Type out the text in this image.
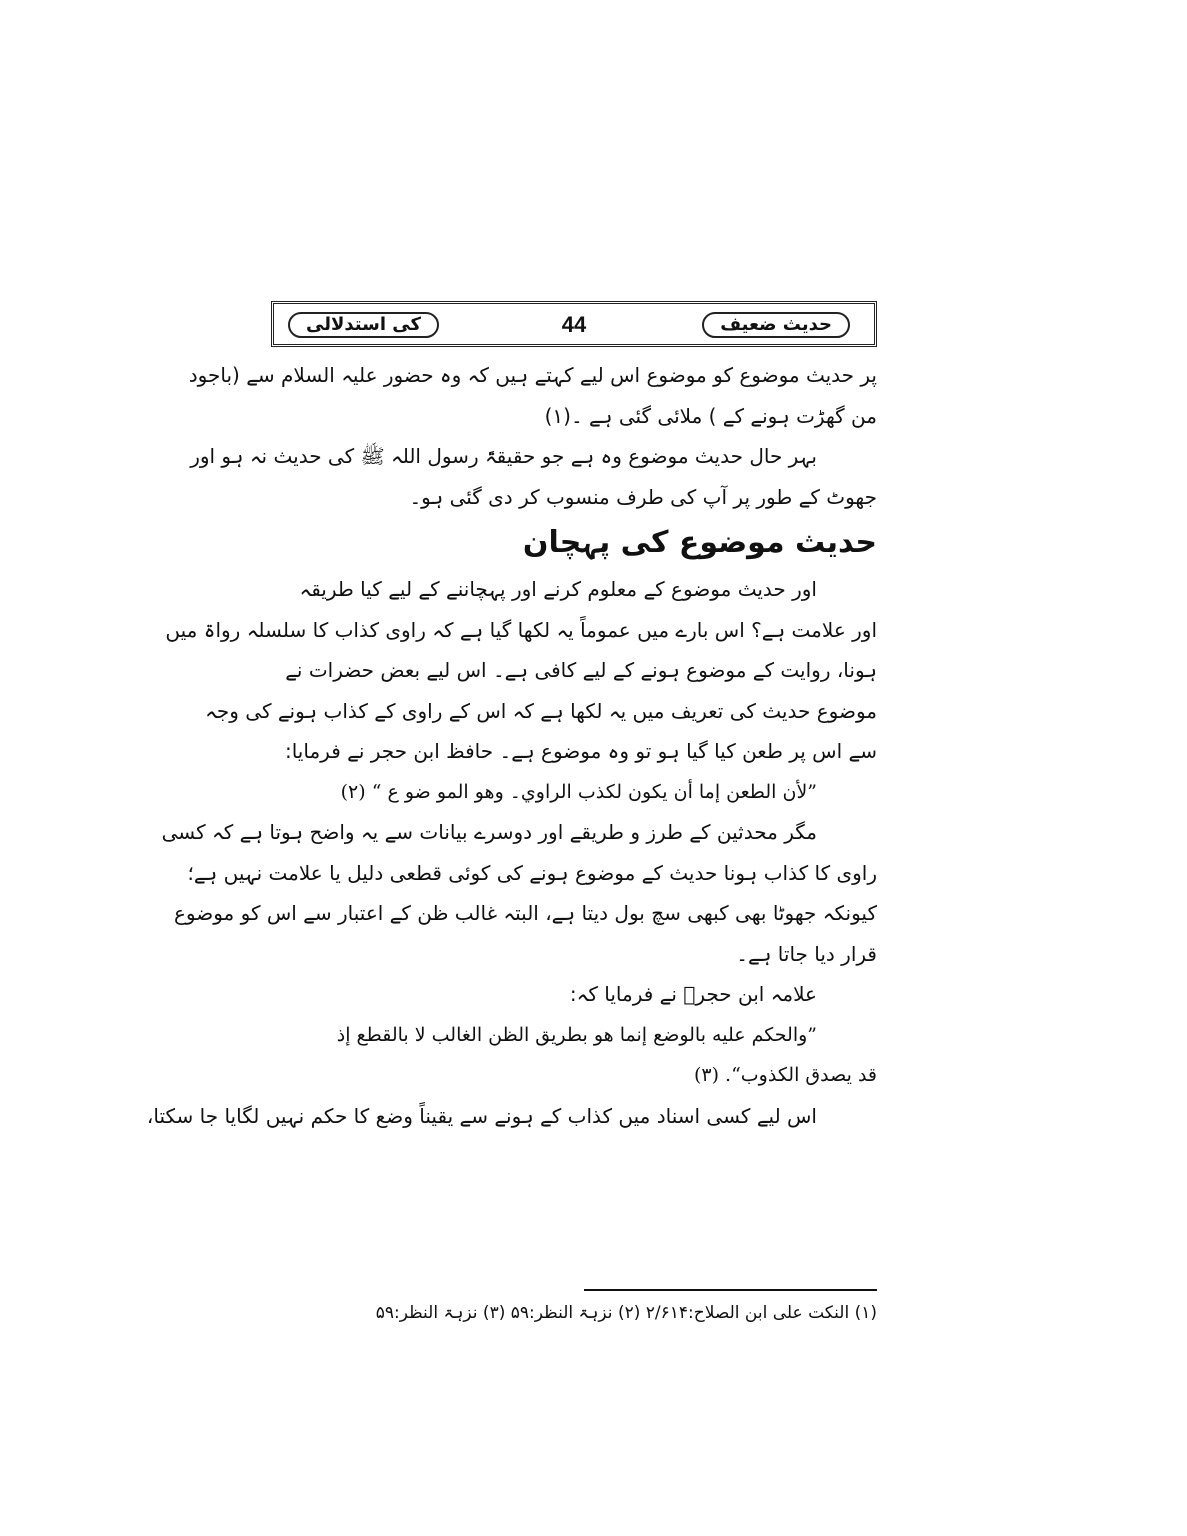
حدیث ضعیف
44
کی استدلالی
پر حدیث موضوع کو موضوع اس لیے کہتے ہیں کہ وہ حضور علیہ السلام سے (باجود
من گھڑت ہونے کے ) ملائی گئی ہے ۔(۱)
بہر حال حدیث موضوع وہ ہے جو حقیقۃً رسول اللہ ﷺ کی حدیث نہ ہو اور
جھوٹ کے طور پر آپ کی طرف منسوب کر دی گئی ہو۔
حدیث موضوع کی پہچان
اور حدیث موضوع کے معلوم کرنے اور پہچاننے کے لیے کیا طریقہ
اور علامت ہے؟ اس بارے میں عموماً یہ لکھا گیا ہے کہ راوی کذاب کا سلسلہ رواۃ میں
ہونا، روایت کے موضوع ہونے کے لیے کافی ہے۔ اس لیے بعض حضرات نے
موضوع حدیث کی تعریف میں یہ لکھا ہے کہ اس کے راوی کے کذاب ہونے کی وجہ
سے اس پر طعن کیا گیا ہو تو وہ موضوع ہے۔ حافظ ابن حجر نے فرمایا:
”لأن الطعن إما أن يكون لكذب الراوي۔ وهو المو ضو ع “ (۲)
مگر محدثین کے طرز و طریقے اور دوسرے بیانات سے یہ واضح ہوتا ہے کہ کسی
راوی کا کذاب ہونا حدیث کے موضوع ہونے کی کوئی قطعی دلیل یا علامت نہیں ہے؛
کیونکہ جھوٹا بھی کبھی سچ بول دیتا ہے، البتہ غالب ظن کے اعتبار سے اس کو موضوع
قرار دیا جاتا ہے۔
علامہ ابن حجرؒ نے فرمایا کہ:
”والحكم عليه بالوضع إنما هو بطريق الظن الغالب لا بالقطع إذ
قد يصدق الكذوب“. (۳)
اس لیے کسی اسناد میں کذاب کے ہونے سے یقیناً وضع کا حکم نہیں لگایا جا سکتا،
(۱) النکت علی ابن الصلاح:۲/۶۱۴ (۲) نزہۃ النظر:۵۹ (۳) نزہۃ النظر:۵۹
